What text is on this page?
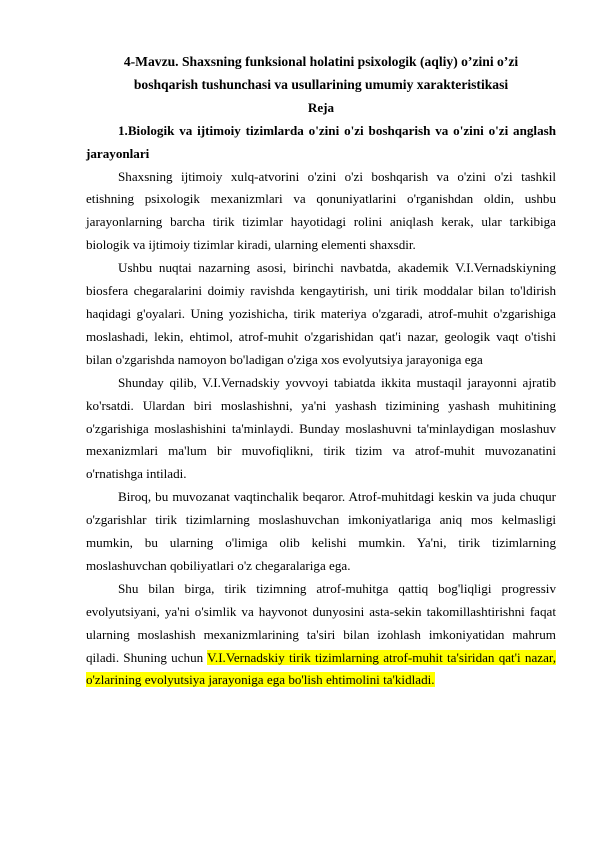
4-Mavzu. Shaxsning funksional holatini psixologik (aqliy) o’zini o’zi

boshqarish tushunchasi va usullarining umumiy xarakteristikasi

Reja

1.Biologik va ijtimoiy tizimlarda o'zini o'zi boshqarish va o'zini o'zi anglash jarayonlari

Shaxsning ijtimoiy xulq-atvorini o'zini o'zi boshqarish va o'zini o'zi tashkil etishning psixologik mexanizmlari va qonuniyatlarini o'rganishdan oldin, ushbu jarayonlarning barcha tirik tizimlar hayotidagi rolini aniqlash kerak, ular tarkibiga biologik va ijtimoiy tizimlar kiradi, ularning elementi shaxsdir.

Ushbu nuqtai nazarning asosi, birinchi navbatda, akademik V.I.Vernadskiyning biosfera chegaralarini doimiy ravishda kengaytirish, uni tirik moddalar bilan to'ldirish haqidagi g'oyalari. Uning yozishicha, tirik materiya o'zgaradi, atrof-muhit o'zgarishiga moslashadi, lekin, ehtimol, atrof-muhit o'zgarishidan qat'i nazar, geologik vaqt o'tishi bilan o'zgarishda namoyon bo'ladigan o'ziga xos evolyutsiya jarayoniga ega

Shunday qilib, V.I.Vernadskiy yovvoyi tabiatda ikkita mustaqil jarayonni ajratib ko'rsatdi. Ulardan biri moslashishni, ya'ni yashash tizimining yashash muhitining o'zgarishiga moslashishini ta'minlaydi. Bunday moslashuvni ta'minlaydigan moslashuv mexanizmlari ma'lum bir muvofiqlikni, tirik tizim va atrof-muhit muvozanatini o'rnatishga intiladi.

Biroq, bu muvozanat vaqtinchalik beqaror. Atrof-muhitdagi keskin va juda chuqur o'zgarishlar tirik tizimlarning moslashuvchan imkoniyatlariga aniq mos kelmasligi mumkin, bu ularning o'limiga olib kelishi mumkin. Ya'ni, tirik tizimlarning moslashuvchan qobiliyatlari o'z chegaralariga ega.

Shu bilan birga, tirik tizimning atrof-muhitga qattiq bog'liqligi progressiv evolyutsiyani, ya'ni o'simlik va hayvonot dunyosini asta-sekin takomillashtirishni faqat ularning moslashish mexanizmlarining ta'siri bilan izohlash imkoniyatidan mahrum qiladi. Shuning uchun V.I.Vernadskiy tirik tizimlarning atrof-muhit ta'siridan qat'i nazar, o'zlarining evolyutsiya jarayoniga ega bo'lish ehtimolini ta'kidladi.
